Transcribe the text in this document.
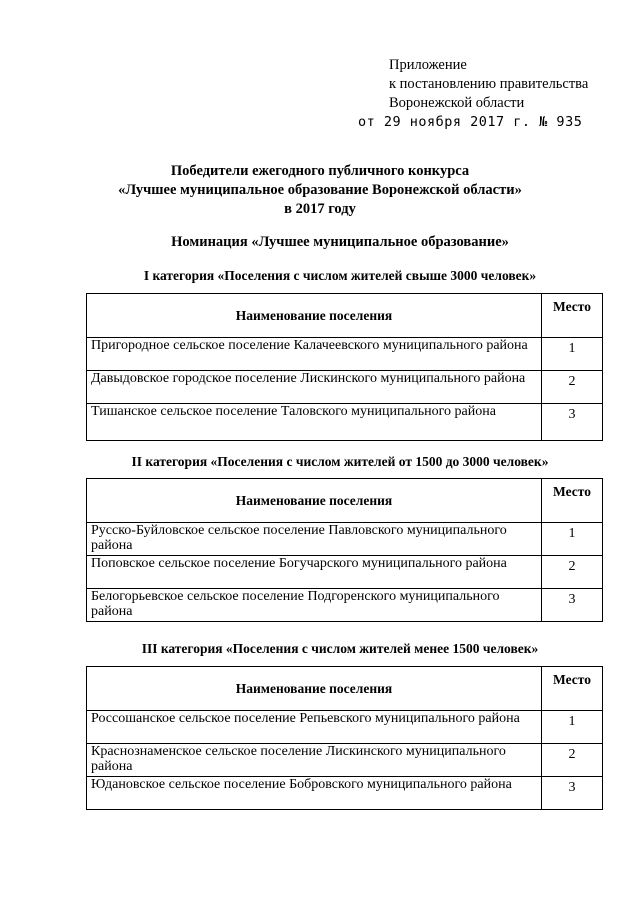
Приложение
к постановлению правительства
Воронежской области
от 29 ноября 2017 г. № 935
Победители ежегодного публичного конкурса
«Лучшее муниципальное образование Воронежской области»
в 2017 году
Номинация «Лучшее муниципальное образование»
I категория «Поселения с числом жителей свыше 3000 человек»
Наименование поселения	Место
Пригородное сельское поселение Калачеевского муниципального района	1
Давыдовское городское поселение Лискинского муниципального района	2
Тишанское сельское поселение Таловского муниципального района	3
II категория «Поселения с числом жителей от 1500 до 3000 человек»
Наименование поселения	Место
Русско-Буйловское сельское поселение Павловского муниципального района	1
Поповское сельское поселение Богучарского муниципального района	2
Белогорьевское сельское поселение Подгоренского муниципального района	3
III категория «Поселения с числом жителей менее 1500 человек»
Наименование поселения	Место
Россошанское сельское поселение Репьевского муниципального района	1
Краснознаменское сельское поселение Лискинского муниципального района	2
Юдановское сельское поселение Бобровского муниципального района	3
